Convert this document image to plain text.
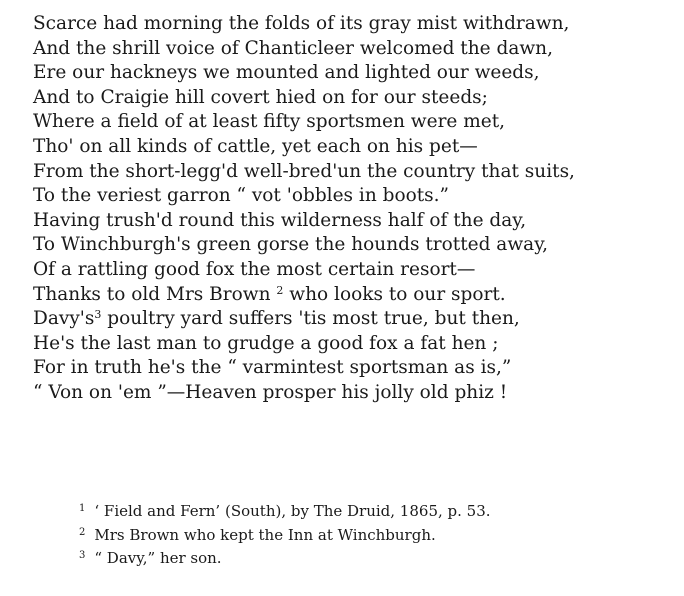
Scarce had morning the folds of its gray mist withdrawn,
And the shrill voice of Chanticleer welcomed the dawn,
Ere our hackneys we mounted and lighted our weeds,
And to Craigie hill covert hied on for our steeds;
Where a field of at least fifty sportsmen were met,
Tho' on all kinds of cattle, yet each on his pet—
From the short-legg'd well-bred'un the country that suits,
To the veriest garron “ vot 'obbles in boots.”
Having trush'd round this wilderness half of the day,
To Winchburgh's green gorse the hounds trotted away,
Of a rattling good fox the most certain resort—
Thanks to old Mrs Brown $^2$ who looks to our sport.
$Davy's^3$ poultry yard suffers 'tis most true, but then,
He's the last man to grudge a good fox a fat hen ;
For in truth he's the “ varmintest sportsman as is,”
“ Von on 'em ”—Heaven prosper his jolly old phiz !
$^1$ ‘ Field and Fern’ (South), by The Druid, 1865, p. 53.
$^2$ Mrs Brown who kept the Inn at Winchburgh.
$^3$ “ Davy,” her son.
